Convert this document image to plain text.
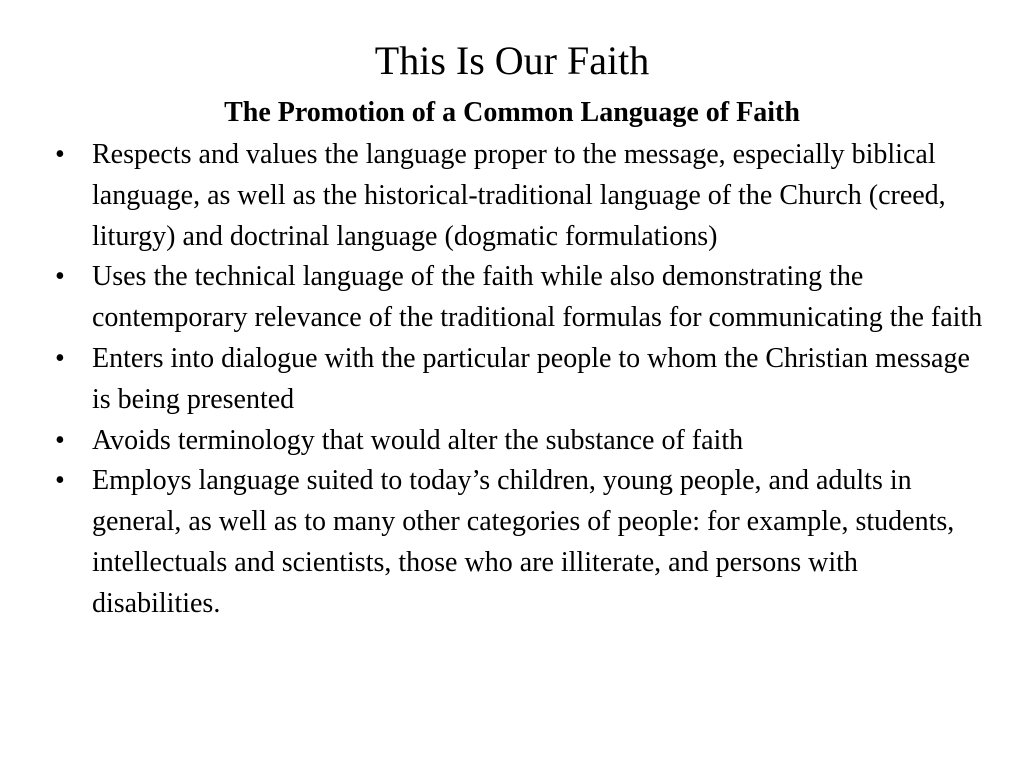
This Is Our Faith
The Promotion of a Common Language of Faith
• Respects and values the language proper to the message, especially biblical language, as well as the historical-traditional language of the Church (creed, liturgy) and doctrinal language (dogmatic formulations)
• Uses the technical language of the faith while also demonstrating the contemporary relevance of the traditional formulas for communicating the faith
• Enters into dialogue with the particular people to whom the Christian message is being presented
• Avoids terminology that would alter the substance of faith
• Employs language suited to today’s children, young people, and adults in general, as well as to many other categories of people: for example, students, intellectuals and scientists, those who are illiterate, and persons with disabilities.
